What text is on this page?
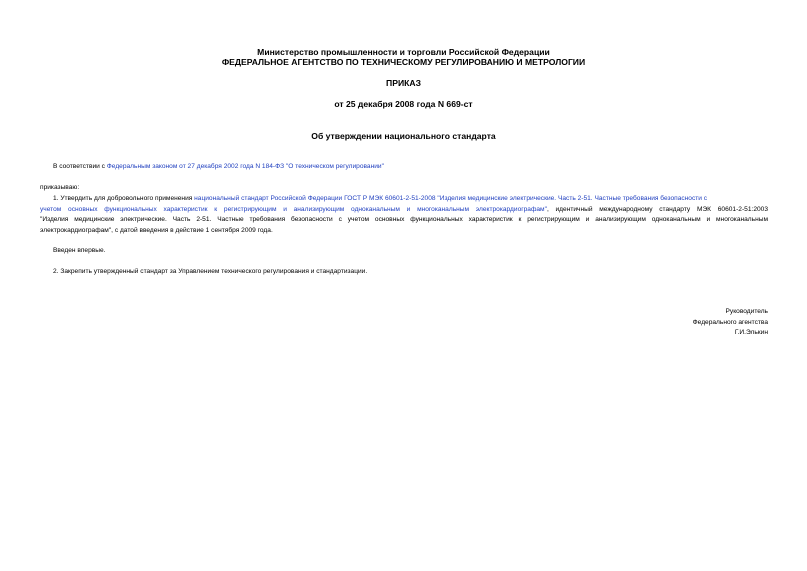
Министерство промышленности и торговли Российской Федерации
ФЕДЕРАЛЬНОЕ АГЕНТСТВО ПО ТЕХНИЧЕСКОМУ РЕГУЛИРОВАНИЮ И МЕТРОЛОГИИ
ПРИКАЗ
от 25 декабря 2008 года N 669-ст
Об утверждении национального стандарта
В соответствии с Федеральным законом от 27 декабря 2002 года N 184-ФЗ "О техническом регулировании"
приказываю:
1. Утвердить для добровольного применения национальный стандарт Российской Федерации ГОСТ Р МЭК 60601-2-51-2008 "Изделия медицинские электрические. Часть 2-51. Частные требования безопасности с
учетом основных функциональных характеристик к регистрирующим и анализирующим одноканальным и многоканальным электрокардиографам", идентичный международному стандарту МЭК 60601-2-51:2003
"Изделия медицинские электрические. Часть 2-51. Частные требования безопасности с учетом основных функциональных характеристик к регистрирующим и анализирующим одноканальным и многоканальным
электрокардиографам", с датой введения в действие 1 сентября 2009 года.
Введен впервые.
2. Закрепить утвержденный стандарт за Управлением технического регулирования и стандартизации.
Руководитель
Федерального агентства
Г.И.Элькин
